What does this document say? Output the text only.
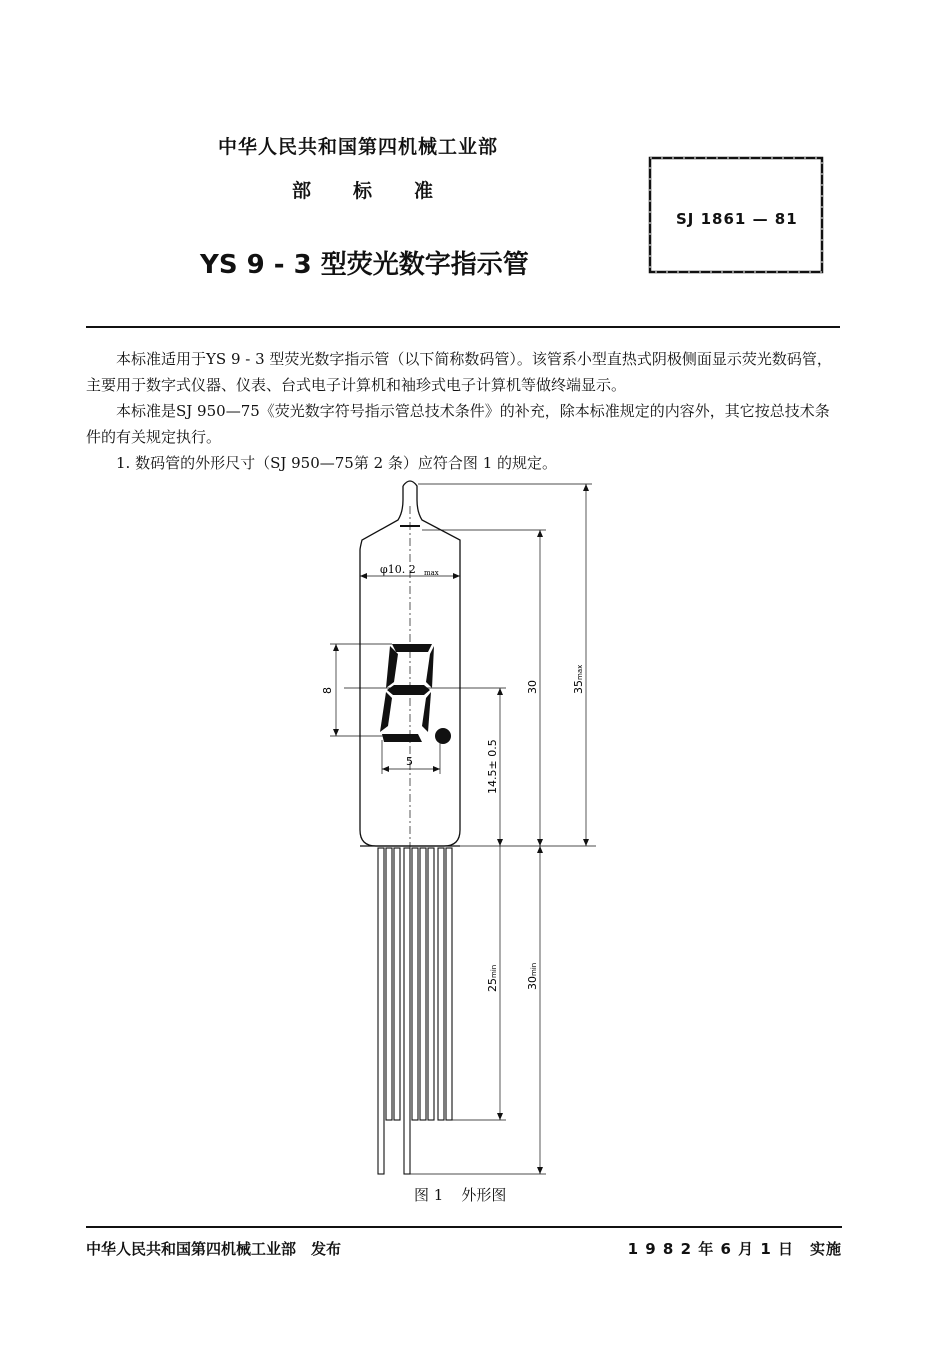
中华人民共和国第四机械工业部
部标准
YS 9 - 3 型荧光数字指示管
SJ 1861 — 81

本标准适用于YS 9 - 3 型荧光数字指示管（以下简称数码管）。该管系小型直热式阴极侧面显示荧光数码管，主要用于数字式仪器、仪表、台式电子计算机和袖珍式电子计算机等做终端显示。

本标准是SJ 950—75《荧光数字符号指示管总技术条件》的补充，除本标准规定的内容外，其它按总技术条件的有关规定执行。

1. 数码管的外形尺寸（SJ 950—75第 2 条）应符合图 1 的规定。

φ10. 2 max
8
5	14.5± 0.5
30	35
max
25
min
30
min
图 1 外形图
中华人民共和国第四机械工业部　发布	1 9 8 2 年 6 月 1 日　实施
